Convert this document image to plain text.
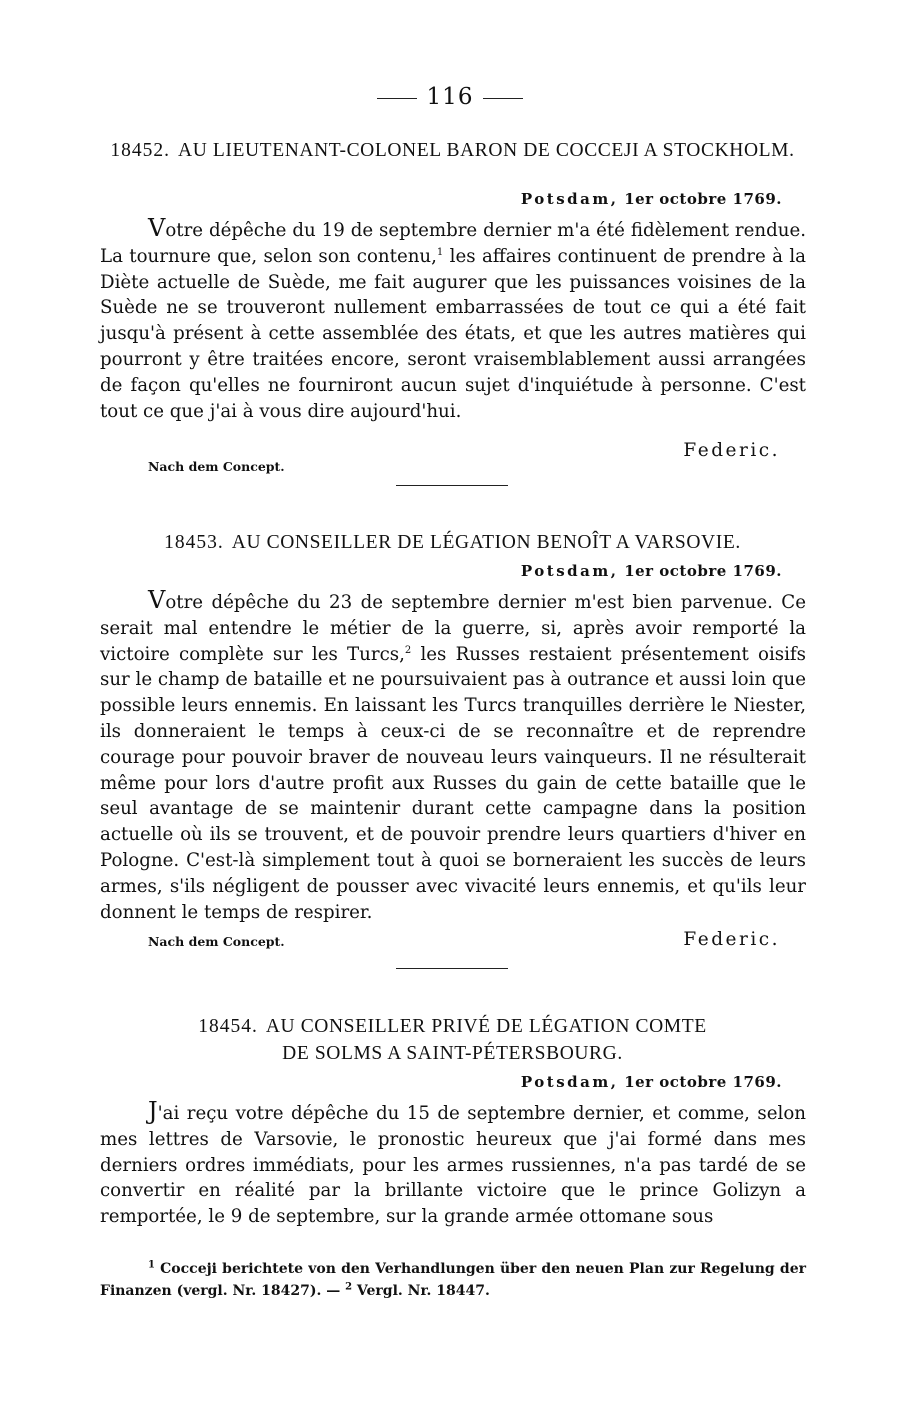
116
18452. AU LIEUTENANT-COLONEL BARON DE COCCEJI A STOCKHOLM.
Potsdam, 1er octobre 1769.
Votre dépêche du 19 de septembre dernier m'a été fidèlement rendue. La tournure que, selon son contenu,$^1$ les affaires continuent de prendre à la Diète actuelle de Suède, me fait augurer que les puissances voisines de la Suède ne se trouveront nullement embarrassées de tout ce qui a été fait jusqu'à présent à cette assemblée des états, et que les autres matières qui pourront y être traitées encore, seront vraisemblablement aussi arrangées de façon qu'elles ne fourniront aucun sujet d'inquiétude à personne. C'est tout ce que j'ai à vous dire aujourd'hui.
Federic.
Nach dem Concept.
18453. AU CONSEILLER DE LÉGATION BENOÎT A VARSOVIE.
Potsdam, 1er octobre 1769.
Votre dépêche du 23 de septembre dernier m'est bien parvenue. Ce serait mal entendre le métier de la guerre, si, après avoir remporté la victoire complète sur les Turcs,$^2$ les Russes restaient présentement oisifs sur le champ de bataille et ne poursuivaient pas à outrance et aussi loin que possible leurs ennemis. En laissant les Turcs tranquilles derrière le Niester, ils donneraient le temps à ceux-ci de se reconnaître et de reprendre courage pour pouvoir braver de nouveau leurs vainqueurs. Il ne résulterait même pour lors d'autre profit aux Russes du gain de cette bataille que le seul avantage de se maintenir durant cette campagne dans la position actuelle où ils se trouvent, et de pouvoir prendre leurs quartiers d'hiver en Pologne. C'est-là simplement tout à quoi se borneraient les succès de leurs armes, s'ils négligent de pousser avec vivacité leurs ennemis, et qu'ils leur donnent le temps de respirer.
Nach dem Concept.	Federic.
18454. AU CONSEILLER PRIVÉ DE LÉGATION COMTE
DE SOLMS A SAINT-PÉTERSBOURG.
Potsdam, 1er octobre 1769.
J'ai reçu votre dépêche du 15 de septembre dernier, et comme, selon mes lettres de Varsovie, le pronostic heureux que j'ai formé dans mes derniers ordres immédiats, pour les armes russiennes, n'a pas tardé de se convertir en réalité par la brillante victoire que le prince Golizyn a remportée, le 9 de septembre, sur la grande armée ottomane sous
$^1$ Cocceji berichtete von den Verhandlungen über den neuen Plan zur Regelung der Finanzen (vergl. Nr. 18427). — $^2$ Vergl. Nr. 18447.
